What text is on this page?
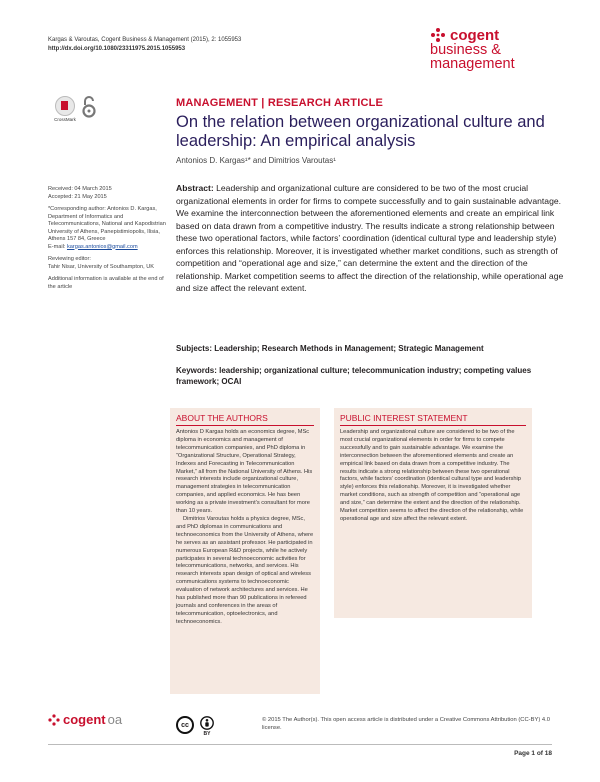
Kargas & Varoutas, Cogent Business & Management (2015), 2: 1055953
http://dx.doi.org/10.1080/23311975.2015.1055953
cogent
business &
management
CrossMark
MANAGEMENT | RESEARCH ARTICLE
On the relation between organizational culture and leadership: An empirical analysis
Antonios D. Kargas¹* and Dimitrios Varoutas¹

Received: 04 March 2015
Accepted: 21 May 2015

*Corresponding author: Antonios D. Kargas, Department of Informatics and Telecommunications, National and Kapodistrian University of Athens, Panepistimiopolis, Ilisia, Athens 157 84, Greece
E-mail: kargas.antonios@gmail.com

Reviewing editor:
Tahir Nisar, University of Southampton, UK

Additional information is available at the end of the article

Abstract: Leadership and organizational culture are considered to be two of the most crucial organizational elements in order for firms to compete successfully and to gain sustainable advantage. We examine the interconnection between the aforementioned elements and create an empirical link based on data drawn from a competitive industry. The results indicate a strong relationship between these two operational factors, while factors’ coordination (identical cultural type and leadership style) enforces this relationship. Moreover, it is investigated whether market conditions, such as strength of competition and “operational age and size,” can determine the extent and the direction of the relationship. Market competition seems to affect the direction of the relationship, while operational age and size affect the relevant extent.
Subjects: Leadership; Research Methods in Management; Strategic Management
Keywords: leadership; organizational culture; telecommunication industry; competing values framework; OCAI
ABOUT THE AUTHORS

Antonios D Kargas holds an economics degree, MSc diploma in economics and management of telecommunication companies, and PhD diploma in “Organizational Structure, Operational Strategy, Indexes and Forecasting in Telecommunication Market,” all from the National University of Athens. His research interests include organizational culture, management strategies in telecommunication companies, and applied economics. He has been working as a private investment’s consultant for more than 10 years.

Dimitrios Varoutas holds a physics degree, MSc, and PhD diplomas in communications and technoeconomics from the University of Athens, where he serves as an assistant professor. He participated in numerous European R&D projects, while he actively participates in several technoeconomic activities for telecommunications, networks, and services. His research interests span design of optical and wireless communications systems to technoeconomic evaluation of network architectures and services. He has published more than 90 publications in refereed journals and conferences in the areas of telecommunication, optoelectronics, and technoeconomics.

PUBLIC INTEREST STATEMENT

Leadership and organizational culture are considered to be two of the most crucial organizational elements in order for firms to compete successfully and to gain sustainable advantage. We examine the interconnection between the aforementioned elements and create an empirical link based on data drawn from a competitive industry. The results indicate a strong relationship between these two operational factors, while factors’ coordination (identical cultural type and leadership style) enforces this relationship. Moreover, it is investigated whether market conditions, such as strength of competition and “operational age and size,” can determine the extent and the direction of the relationship. Market competition seems to affect the direction of the relationship, while operational age and size affect the relevant extent.

cogent oa	cc
BY
© 2015 The Author(s). This open access article is distributed under a Creative Commons Attribution (CC-BY) 4.0 license.
Page 1 of 18
